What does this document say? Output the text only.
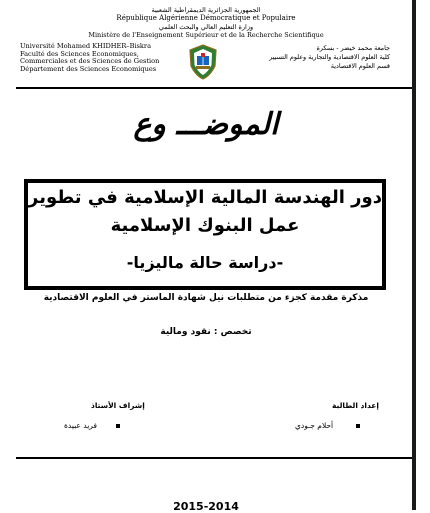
الجمهورية الجزائرية الديمقراطية الشعبية
République Algérienne Démocratique et Populaire
وزارة التعليم العالي والبحث العلمي
Ministère de l'Enseignement Supérieur et de la Recherche Scientifique
Université Mohamed KHIDHER–Biskra
Faculté des Sciences Economiques,
Commerciales et des Sciences de Gestion
Département des Sciences Economiques
جامعة محمد خيضر - بسكرة
كلية العلوم الاقتصادية والتجارية وعلوم التسيير
قسم العلوم الاقتصادية
الموضـــ وع
دور الهندسة المالية الإسلامية في تطوير
عمل البنوك الإسلامية
-دراسة حالة ماليزيا-
مذكرة مقدمة كجزء من متطلبات نيل شهادة الماستر في العلوم الاقتصادية
تخصص : نقود ومالية
إعداد الطالبة
إشراف الأستاذ
أحلام جـودي
فريد عبيدة
2015-2014
